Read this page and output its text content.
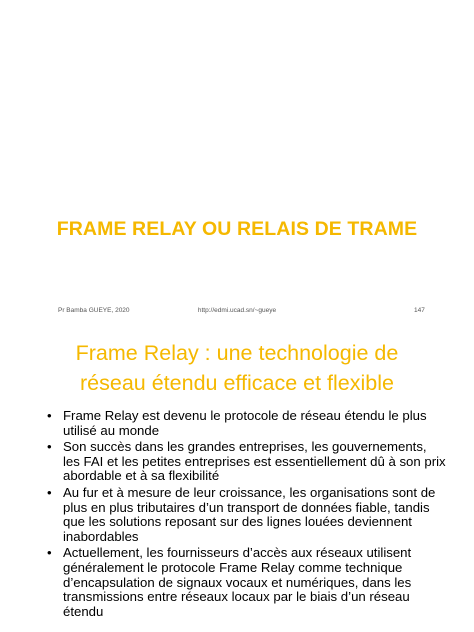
FRAME RELAY OU RELAIS DE TRAME
Pr Bamba GUEYE, 2020	http://edmi.ucad.sn/~gueye	147
Frame Relay : une technologie de
réseau étendu efficace et flexible
• Frame Relay est devenu le protocole de réseau étendu le plus utilisé au monde
• Son succès dans les grandes entreprises, les gouvernements, les FAI et les petites entreprises est essentiellement dû à son prix abordable et à sa flexibilité
• Au fur et à mesure de leur croissance, les organisations sont de plus en plus tributaires d’un transport de données fiable, tandis que les solutions reposant sur des lignes louées deviennent inabordables
• Actuellement, les fournisseurs d’accès aux réseaux utilisent généralement le protocole Frame Relay comme technique d’encapsulation de signaux vocaux et numériques, dans les transmissions entre réseaux locaux par le biais d’un réseau étendu
